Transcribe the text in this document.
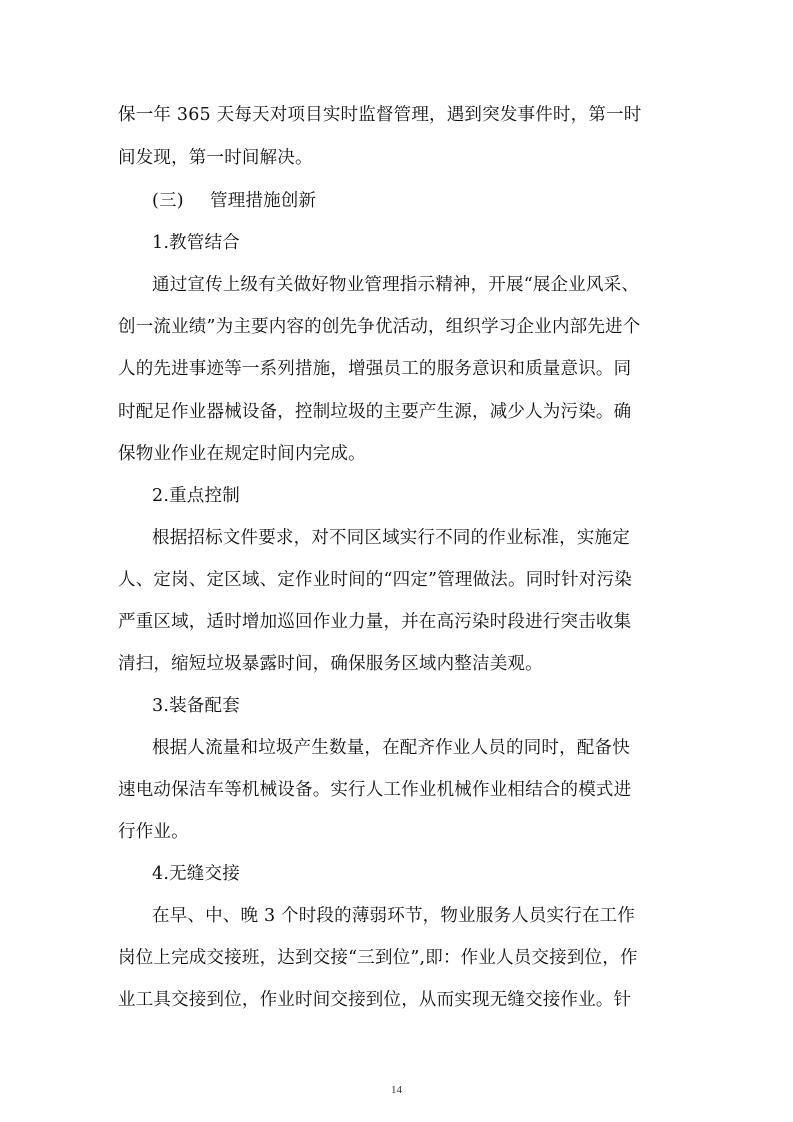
保一年 365 天每天对项目实时监督管理，遇到突发事件时，第一时
间发现，第一时间解决。
(三) 管理措施创新
1.教管结合
通过宣传上级有关做好物业管理指示精神，开展“展企业风采、
创一流业绩”为主要内容的创先争优活动，组织学习企业内部先进个
人的先进事迹等一系列措施，增强员工的服务意识和质量意识。同
时配足作业器械设备，控制垃圾的主要产生源，减少人为污染。确
保物业作业在规定时间内完成。
2.重点控制
根据招标文件要求，对不同区域实行不同的作业标准，实施定
人、定岗、定区域、定作业时间的“四定”管理做法。同时针对污染
严重区域，适时增加巡回作业力量，并在高污染时段进行突击收集
清扫，缩短垃圾暴露时间，确保服务区域内整洁美观。
3.装备配套
根据人流量和垃圾产生数量，在配齐作业人员的同时，配备快
速电动保洁车等机械设备。实行人工作业机械作业相结合的模式进
行作业。
4.无缝交接
在早、中、晚 3 个时段的薄弱环节，物业服务人员实行在工作
岗位上完成交接班，达到交接“三到位”,即：作业人员交接到位，作
业工具交接到位，作业时间交接到位，从而实现无缝交接作业。针
14
